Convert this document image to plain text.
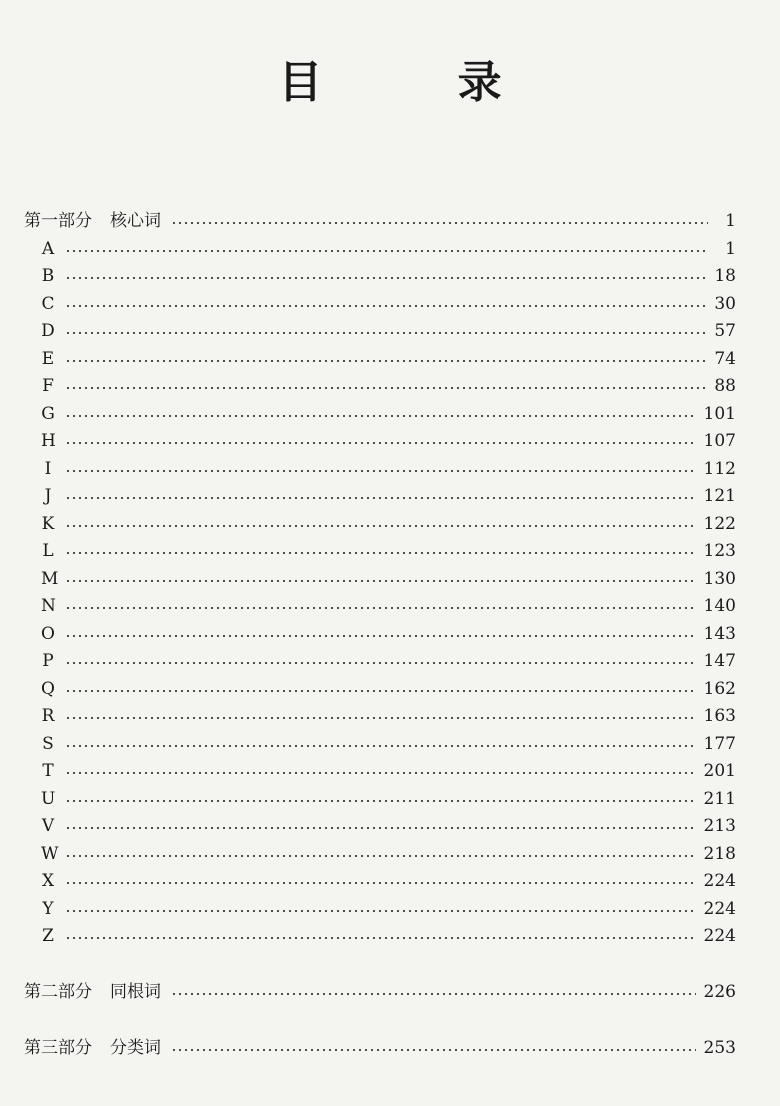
目 录
第一部分 核心词	1
A	1
B	18
C	30
D	57
E	74
F	88
G	101
H	107
I	112
J	121
K	122
L	123
M	130
N	140
O	143
P	147
Q	162
R	163
S	177
T	201
U	211
V	213
W	218
X	224
Y	224
Z	224
第二部分 同根词	226
第三部分 分类词	253
